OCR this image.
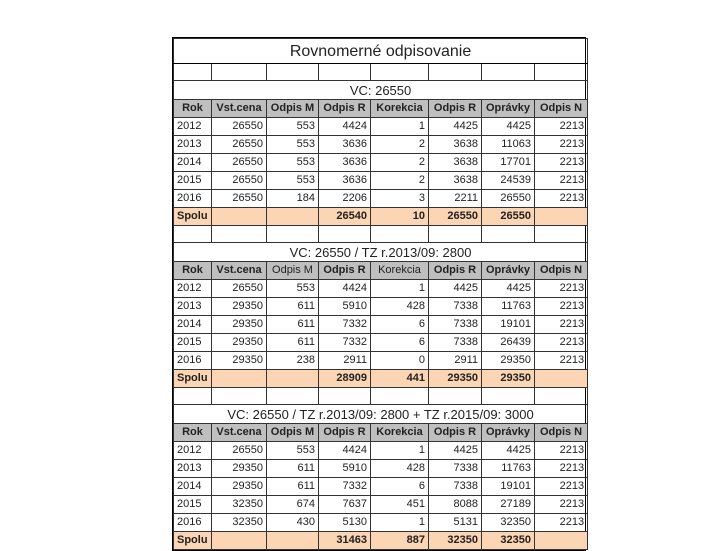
Rovnomerné odpisovanie							

VC: 26550							
Rok	Vst.cena	Odpis M	Odpis R	Korekcia	Odpis R	Oprávky	Odpis N
2012	26550	553	4424	1	4425	4425	2213
2013	26550	553	3636	2	3638	11063	2213
2014	26550	553	3636	2	3638	17701	2213
2015	26550	553	3636	2	3638	24539	2213
2016	26550	184	2206	3	2211	26550	2213
Spolu			26540	10	26550	26550	

VC: 26550 / TZ r.2013/09: 2800							
Rok	Vst.cena	Odpis M	Odpis R	Korekcia	Odpis R	Oprávky	Odpis N
2012	26550	553	4424	1	4425	4425	2213
2013	29350	611	5910	428	7338	11763	2213
2014	29350	611	7332	6	7338	19101	2213
2015	29350	611	7332	6	7338	26439	2213
2016	29350	238	2911	0	2911	29350	2213
Spolu			28909	441	29350	29350	

VC: 26550 / TZ r.2013/09: 2800 + TZ r.2015/09: 3000							
Rok	Vst.cena	Odpis M	Odpis R	Korekcia	Odpis R	Oprávky	Odpis N
2012	26550	553	4424	1	4425	4425	2213
2013	29350	611	5910	428	7338	11763	2213
2014	29350	611	7332	6	7338	19101	2213
2015	32350	674	7637	451	8088	27189	2213
2016	32350	430	5130	1	5131	32350	2213
Spolu			31463	887	32350	32350	
